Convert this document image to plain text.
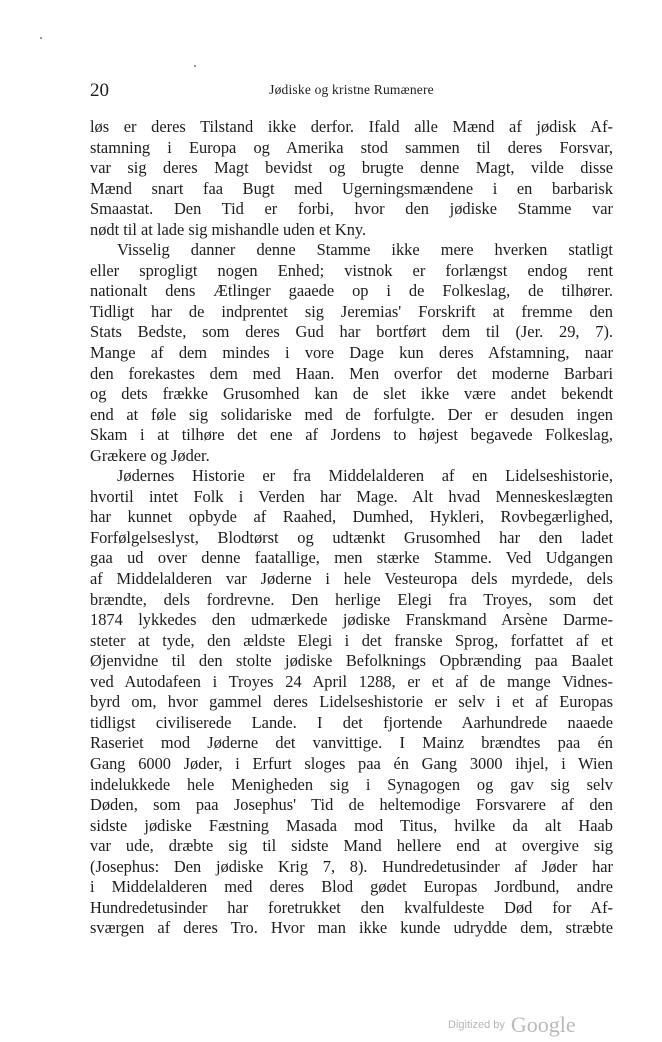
20	Jødiske og kristne Rumænere
løs er deres Tilstand ikke derfor. Ifald alle Mænd af jødisk Af-
stamning i Europa og Amerika stod sammen til deres Forsvar,
var sig deres Magt bevidst og brugte denne Magt, vilde disse
Mænd snart faa Bugt med Ugerningsmændene i en barbarisk
Smaastat. Den Tid er forbi, hvor den jødiske Stamme var
nødt til at lade sig mishandle uden et Kny.
Visselig danner denne Stamme ikke mere hverken statligt
eller sprogligt nogen Enhed; vistnok er forlængst endog rent
nationalt dens Ætlinger gaaede op i de Folkeslag, de tilhører.
Tidligt har de indprentet sig Jeremias' Forskrift at fremme den
Stats Bedste, som deres Gud har bortført dem til (Jer. 29, 7).
Mange af dem mindes i vore Dage kun deres Afstamning, naar
den forekastes dem med Haan. Men overfor det moderne Barbari
og dets frække Grusomhed kan de slet ikke være andet bekendt
end at føle sig solidariske med de forfulgte. Der er desuden ingen
Skam i at tilhøre det ene af Jordens to højest begavede Folkeslag,
Grækere og Jøder.
Jødernes Historie er fra Middelalderen af en Lidelseshistorie,
hvortil intet Folk i Verden har Mage. Alt hvad Menneskeslægten
har kunnet opbyde af Raahed, Dumhed, Hykleri, Rovbegærlighed,
Forfølgelseslyst, Blodtørst og udtænkt Grusomhed har den ladet
gaa ud over denne faatallige, men stærke Stamme. Ved Udgangen
af Middelalderen var Jøderne i hele Vesteuropa dels myrdede, dels
brændte, dels fordrevne. Den herlige Elegi fra Troyes, som det
1874 lykkedes den udmærkede jødiske Franskmand Arsène Darme-
steter at tyde, den ældste Elegi i det franske Sprog, forfattet af et
Øjenvidne til den stolte jødiske Befolknings Opbrænding paa Baalet
ved Autodafeen i Troyes 24 April 1288, er et af de mange Vidnes-
byrd om, hvor gammel deres Lidelseshistorie er selv i et af Europas
tidligst civiliserede Lande. I det fjortende Aarhundrede naaede
Raseriet mod Jøderne det vanvittige. I Mainz brændtes paa én
Gang 6000 Jøder, i Erfurt sloges paa én Gang 3000 ihjel, i Wien
indelukkede hele Menigheden sig i Synagogen og gav sig selv
Døden, som paa Josephus' Tid de heltemodige Forsvarere af den
sidste jødiske Fæstning Masada mod Titus, hvilke da alt Haab
var ude, dræbte sig til sidste Mand hellere end at overgive sig
(Josephus: Den jødiske Krig 7, 8). Hundredetusinder af Jøder har
i Middelalderen med deres Blod gødet Europas Jordbund, andre
Hundredetusinder har foretrukket den kvalfuldeste Død for Af-
sværgen af deres Tro. Hvor man ikke kunde udrydde dem, stræbte
Digitized by Google
